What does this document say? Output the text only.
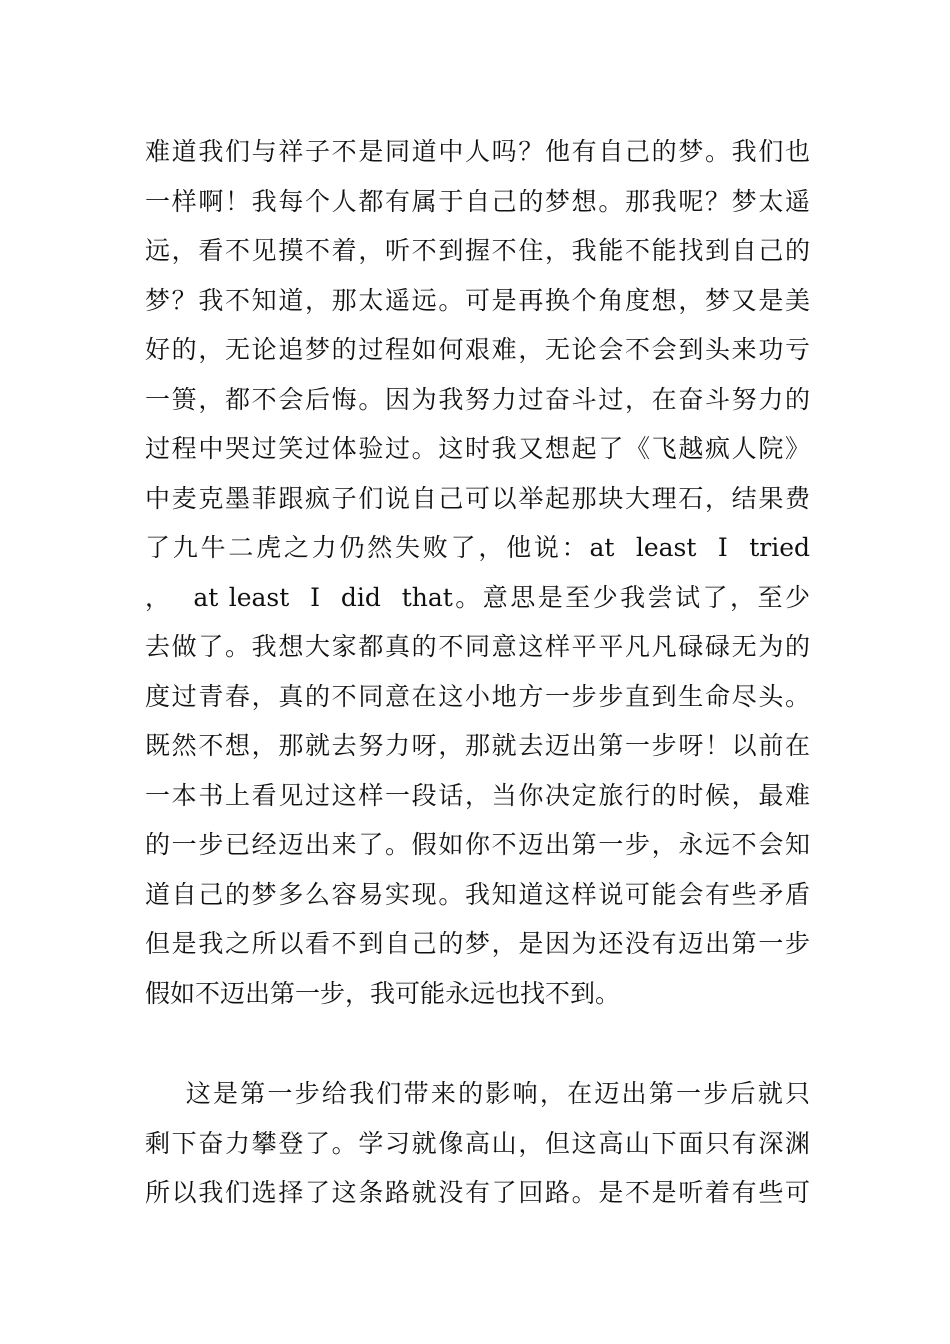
难道我们与祥子不是同道中人吗？他有自己的梦。我们也
一样啊！我每个人都有属于自己的梦想。那我呢？梦太遥
远，看不见摸不着，听不到握不住，我能不能找到自己的
梦？我不知道，那太遥远。可是再换个角度想，梦又是美
好的，无论追梦的过程如何艰难，无论会不会到头来功亏
一篑，都不会后悔。因为我努力过奋斗过，在奋斗努力的
过程中哭过笑过体验过。这时我又想起了《飞越疯人院》
中麦克墨菲跟疯子们说自己可以举起那块大理石，结果费
了九牛二虎之力仍然失败了，他说：at  least  I  tried
，  at least  I  did  that。意思是至少我尝试了，至少
去做了。我想大家都真的不同意这样平平凡凡碌碌无为的
度过青春，真的不同意在这小地方一步步直到生命尽头。
既然不想，那就去努力呀，那就去迈出第一步呀！以前在
一本书上看见过这样一段话，当你决定旅行的时候，最难
的一步已经迈出来了。假如你不迈出第一步，永远不会知
道自己的梦多么容易实现。我知道这样说可能会有些矛盾
但是我之所以看不到自己的梦，是因为还没有迈出第一步
假如不迈出第一步，我可能永远也找不到。
这是第一步给我们带来的影响，在迈出第一步后就只
剩下奋力攀登了。学习就像高山，但这高山下面只有深渊
所以我们选择了这条路就没有了回路。是不是听着有些可
